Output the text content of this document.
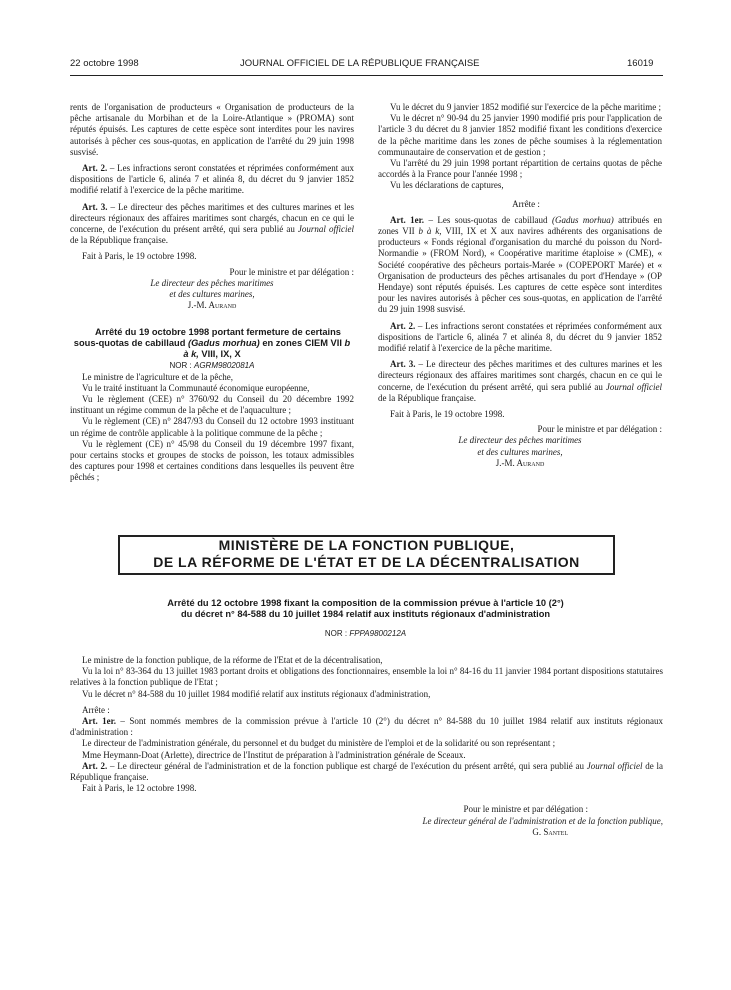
22 octobre 1998	JOURNAL OFFICIEL DE LA RÉPUBLIQUE FRANÇAISE	16019

rents de l'organisation de producteurs « Organisation de producteurs de la pêche artisanale du Morbihan et de la Loire-Atlantique » (PROMA) sont réputés épuisés. Les captures de cette espèce sont interdites pour les navires autorisés à pêcher ces sous-quotas, en application de l'arrêté du 29 juin 1998 susvisé.

Art. 2. – Les infractions seront constatées et réprimées conformément aux dispositions de l'article 6, alinéa 7 et alinéa 8, du décret du 9 janvier 1852 modifié relatif à l'exercice de la pêche maritime.

Art. 3. – Le directeur des pêches maritimes et des cultures marines et les directeurs régionaux des affaires maritimes sont chargés, chacun en ce qui le concerne, de l'exécution du présent arrêté, qui sera publié au Journal officiel de la République française.

Fait à Paris, le 19 octobre 1998.

Pour le ministre et par délégation :

Le directeur des pêches maritimes

et des cultures marines,

J.-M. Aurand

Arrêté du 19 octobre 1998 portant fermeture de certains sous-quotas de cabillaud (Gadus morhua) en zones CIEM VII b à k, VIII, IX, X

NOR : AGRM9802081A

Le ministre de l'agriculture et de la pêche,

Vu le traité instituant la Communauté économique européenne,

Vu le règlement (CEE) n° 3760/92 du Conseil du 20 décembre 1992 instituant un régime commun de la pêche et de l'aquaculture ;

Vu le règlement (CE) n° 2847/93 du Conseil du 12 octobre 1993 instituant un régime de contrôle applicable à la politique commune de la pêche ;

Vu le règlement (CE) n° 45/98 du Conseil du 19 décembre 1997 fixant, pour certains stocks et groupes de stocks de poisson, les totaux admissibles des captures pour 1998 et certaines conditions dans lesquelles ils peuvent être pêchés ;

Vu le décret du 9 janvier 1852 modifié sur l'exercice de la pêche maritime ;

Vu le décret n° 90-94 du 25 janvier 1990 modifié pris pour l'application de l'article 3 du décret du 8 janvier 1852 modifié fixant les conditions d'exercice de la pêche maritime dans les zones de pêche soumises à la réglementation communautaire de conservation et de gestion ;

Vu l'arrêté du 29 juin 1998 portant répartition de certains quotas de pêche accordés à la France pour l'année 1998 ;

Vu les déclarations de captures,

Arrête :

Art. 1er. – Les sous-quotas de cabillaud (Gadus morhua) attribués en zones VII b à k, VIII, IX et X aux navires adhérents des organisations de producteurs « Fonds régional d'organisation du marché du poisson du Nord-Normandie » (FROM Nord), « Coopérative maritime étaploise » (CME), « Société coopérative des pêcheurs portais-Marée » (COPEPORT Marée) et « Organisation de producteurs des pêches artisanales du port d'Hendaye » (OP Hendaye) sont réputés épuisés. Les captures de cette espèce sont interdites pour les navires autorisés à pêcher ces sous-quotas, en application de l'arrêté du 29 juin 1998 susvisé.

Art. 2. – Les infractions seront constatées et réprimées conformément aux dispositions de l'article 6, alinéa 7 et alinéa 8, du décret du 9 janvier 1852 modifié relatif à l'exercice de la pêche maritime.

Art. 3. – Le directeur des pêches maritimes et des cultures marines et les directeurs régionaux des affaires maritimes sont chargés, chacun en ce qui le concerne, de l'exécution du présent arrêté, qui sera publié au Journal officiel de la République française.

Fait à Paris, le 19 octobre 1998.

Pour le ministre et par délégation :

Le directeur des pêches maritimes

et des cultures marines,

J.-M. Aurand

MINISTÈRE DE LA FONCTION PUBLIQUE,
DE LA RÉFORME DE L'ÉTAT ET DE LA DÉCENTRALISATION

Arrêté du 12 octobre 1998 fixant la composition de la commission prévue à l'article 10 (2°)

du décret n° 84-588 du 10 juillet 1984 relatif aux instituts régionaux d'administration

NOR : FPPA9800212A

Le ministre de la fonction publique, de la réforme de l'Etat et de la décentralisation,

Vu la loi n° 83-364 du 13 juillet 1983 portant droits et obligations des fonctionnaires, ensemble la loi n° 84-16 du 11 janvier 1984 portant dispositions statutaires relatives à la fonction publique de l'Etat ;

Vu le décret n° 84-588 du 10 juillet 1984 modifié relatif aux instituts régionaux d'administration,

Arrête :

Art. 1er. – Sont nommés membres de la commission prévue à l'article 10 (2°) du décret n° 84-588 du 10 juillet 1984 relatif aux instituts régionaux d'administration :

Le directeur de l'administration générale, du personnel et du budget du ministère de l'emploi et de la solidarité ou son représentant ;

Mme Heymann-Doat (Arlette), directrice de l'Institut de préparation à l'administration générale de Sceaux.

Art. 2. – Le directeur général de l'administration et de la fonction publique est chargé de l'exécution du présent arrêté, qui sera publié au Journal officiel de la République française.

Fait à Paris, le 12 octobre 1998.

Pour le ministre et par délégation :

Le directeur général de l'administration et de la fonction publique,

G. Santel
